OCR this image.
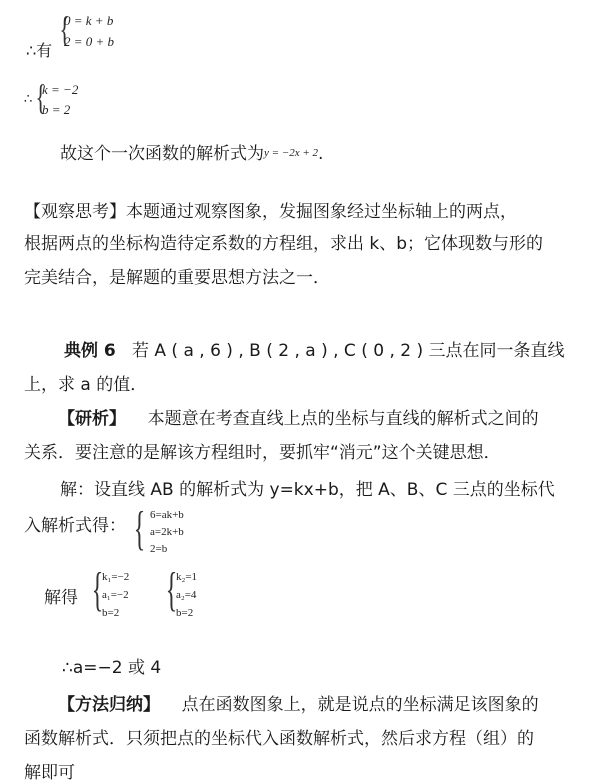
∴有
{
0 = k + b
2 = 0 + b
∴ {
k = −2
b = 2
故这个一次函数的解析式为y = −2x + 2.
【观察思考】本题通过观察图象，发掘图象经过坐标轴上的两点，
根据两点的坐标构造待定系数的方程组，求出 k、b；它体现数与形的
完美结合，是解题的重要思想方法之一．
典例 6 若 A ( a , 6 ) , B ( 2 , a ) , C ( 0 , 2 ) 三点在同一条直线
上，求 a 的值．
【研析】 本题意在考查直线上点的坐标与直线的解析式之间的
关系．要注意的是解该方程组时，要抓牢“消元”这个关键思想．
解：设直线 AB 的解析式为 y=kx+b，把 A、B、C 三点的坐标代
入解析式得： { 6=ak+b
a=2k+b
2=b
解得 {
k₁=−2
a₁=−2
b=2 {
k₂=1
a₂=4
b=2
∴a=−2 或 4
【方法归纳】 点在函数图象上，就是说点的坐标满足该图象的
函数解析式．只须把点的坐标代入函数解析式，然后求方程（组）的
解即可
